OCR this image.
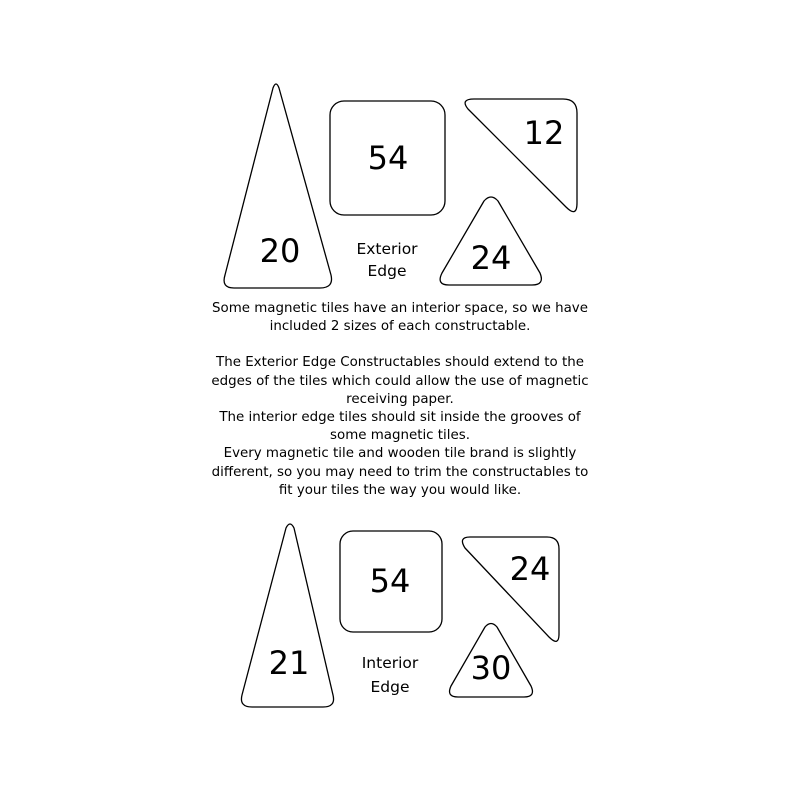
20
54
12
24
Exterior
Edge
21
54	24
30
Interior
Edge

Some magnetic tiles have an interior space, so we have included 2 sizes of each constructable.

The Exterior Edge Constructables should extend to the edges of the tiles which could allow the use of magnetic receiving paper.

The interior edge tiles should sit inside the grooves of some magnetic tiles.

Every magnetic tile and wooden tile brand is slightly different, so you may need to trim the constructables to fit your tiles the way you would like.
